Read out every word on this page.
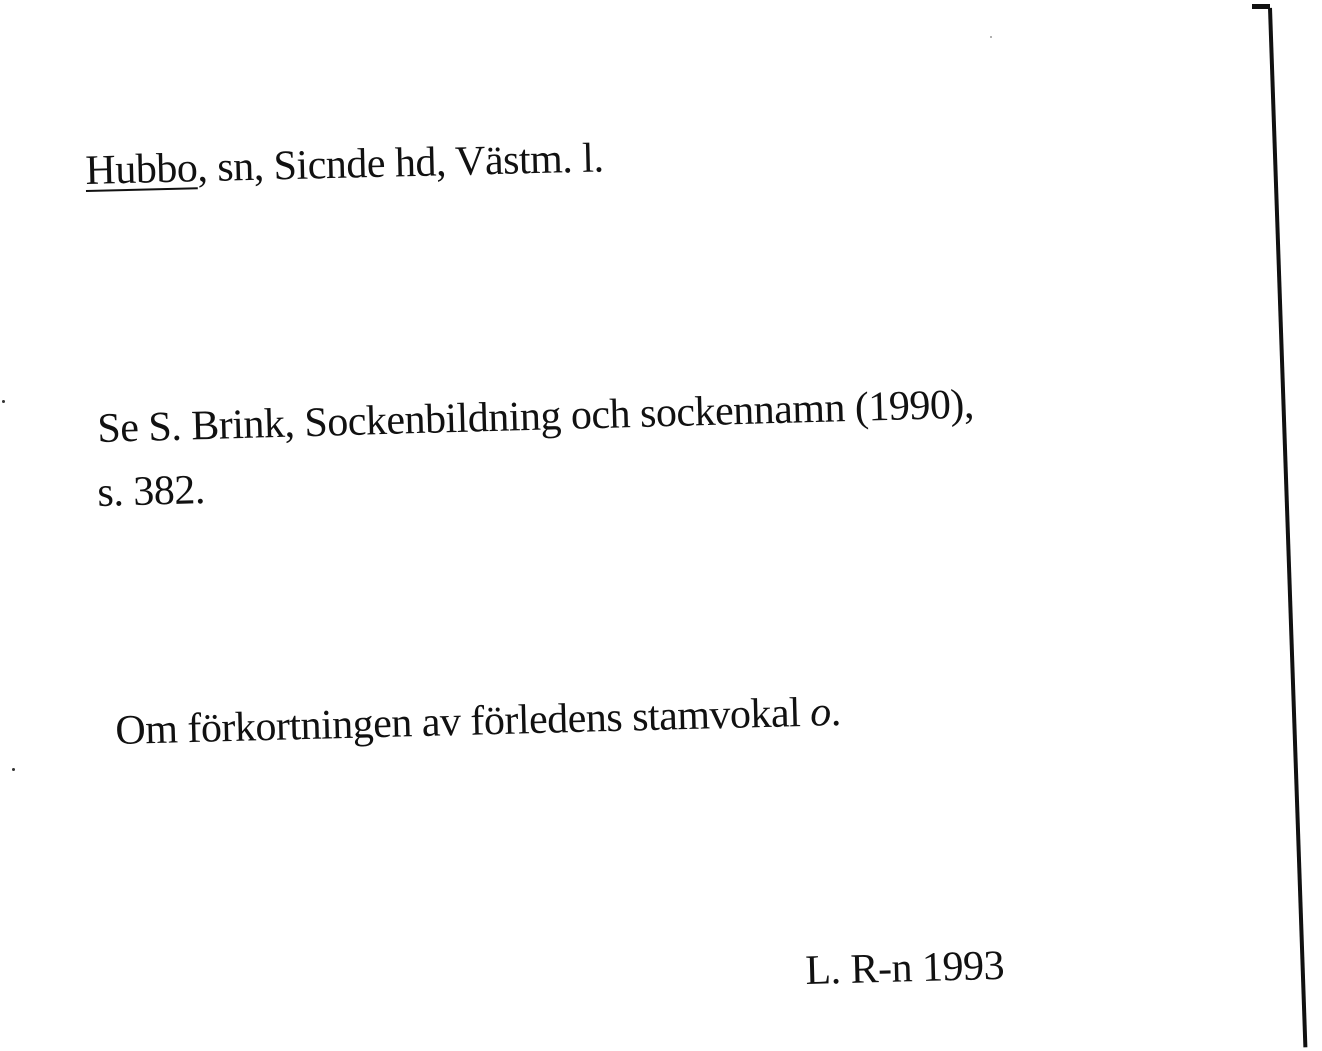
Hubbo, sn, Sicnde hd, Västm. l.
Se S. Brink, Sockenbildning och sockennamn (1990),
s. 382.
Om förkortningen av förledens stamvokal o.
L. R-n 1993
